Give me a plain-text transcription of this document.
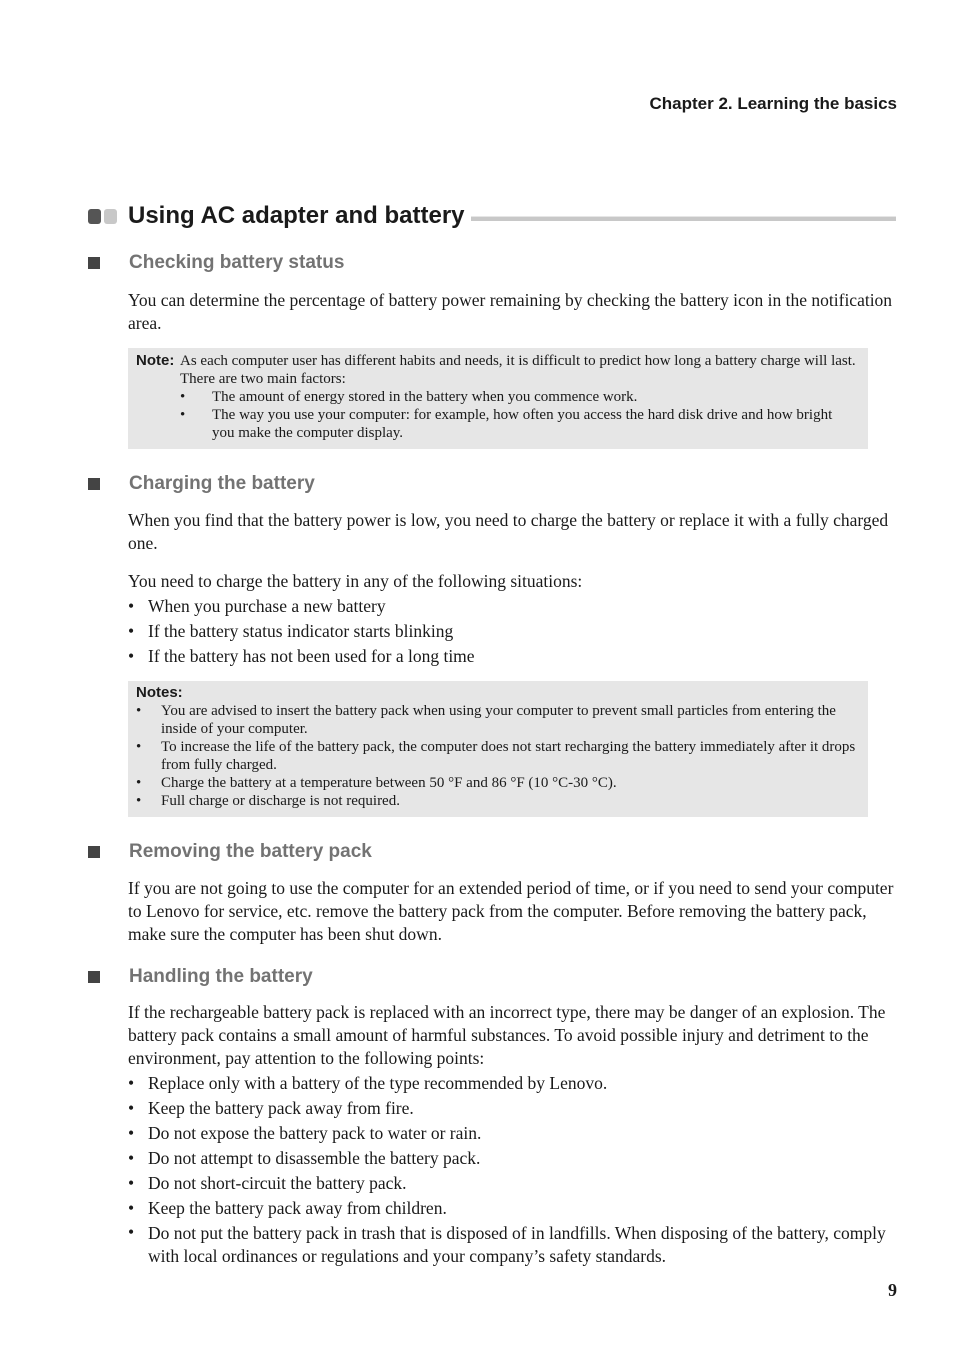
Chapter 2. Learning the basics
Using AC adapter and battery
Checking battery status

You can determine the percentage of battery power remaining by checking the battery icon in the notification area.

Note: As each computer user has different habits and needs, it is difficult to predict how long a battery charge will last. There are two main factors:
•	The amount of energy stored in the battery when you commence work.
•	The way you use your computer: for example, how often you access the hard disk drive and how bright you make the computer display.
Charging the battery

When you find that the battery power is low, you need to charge the battery or replace it with a fully charged one.

You need to charge the battery in any of the following situations:

• When you purchase a new battery
• If the battery status indicator starts blinking
• If the battery has not been used for a long time
Notes:
•	You are advised to insert the battery pack when using your computer to prevent small particles from entering the inside of your computer.
•	To increase the life of the battery pack, the computer does not start recharging the battery immediately after it drops from fully charged.
•	Charge the battery at a temperature between 50 °F and 86 °F (10 °C-30 °C).
•	Full charge or discharge is not required.
Removing the battery pack

If you are not going to use the computer for an extended period of time, or if you need to send your computer to Lenovo for service, etc. remove the battery pack from the computer. Before removing the battery pack, make sure the computer has been shut down.

Handling the battery

If the rechargeable battery pack is replaced with an incorrect type, there may be danger of an explosion. The battery pack contains a small amount of harmful substances. To avoid possible injury and detriment to the environment, pay attention to the following points:

• Replace only with a battery of the type recommended by Lenovo.
• Keep the battery pack away from fire.
• Do not expose the battery pack to water or rain.
• Do not attempt to disassemble the battery pack.
• Do not short-circuit the battery pack.
• Keep the battery pack away from children.
• Do not put the battery pack in trash that is disposed of in landfills. When disposing of the battery, comply with local ordinances or regulations and your company’s safety standards.
9
